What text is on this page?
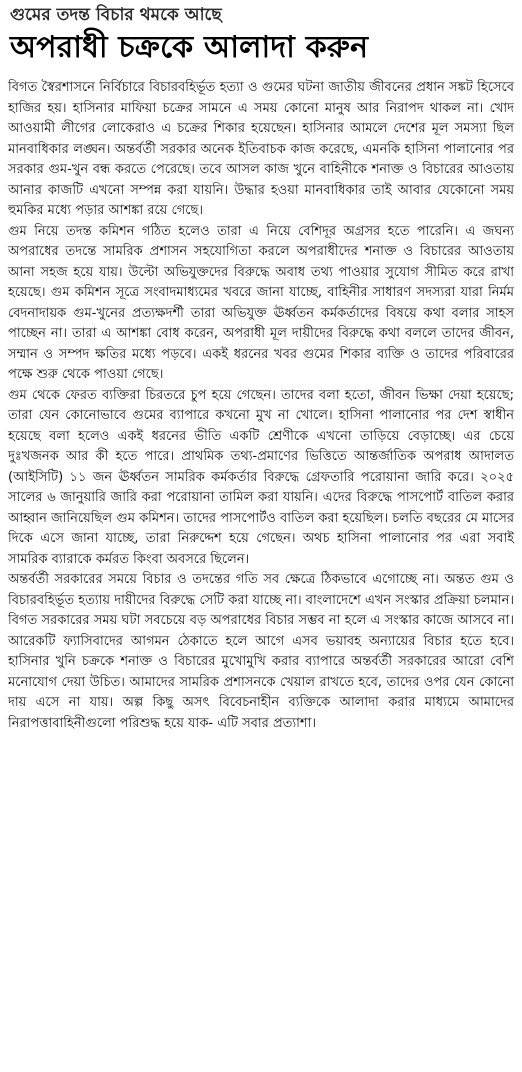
গুমের তদন্ত বিচার থমকে আছে
অপরাধী চক্রকে আলাদা করুন

বিগত স্বৈরশাসনে নির্বিচারে বিচারবহির্ভূত হত্যা ও গুমের ঘটনা জাতীয় জীবনের প্রধান সঙ্কট হিসেবে হাজির হয়। হাসিনার মাফিয়া চক্রের সামনে এ সময় কোনো মানুষ আর নিরাপদ থাকল না। খোদ আওয়ামী লীগের লোকেরাও এ চক্রের শিকার হয়েছেন। হাসিনার আমলে দেশের মূল সমস্যা ছিল মানবাধিকার লঙ্ঘন। অন্তর্বর্তী সরকার অনেক ইতিবাচক কাজ করেছে, এমনকি হাসিনা পালানোর পর সরকার গুম-খুন বন্ধ করতে পেরেছে। তবে আসল কাজ খুনে বাহিনীকে শনাক্ত ও বিচারের আওতায় আনার কাজটি এখনো সম্পন্ন করা যায়নি। উদ্ধার হওয়া মানবাধিকার তাই আবার যেকোনো সময় হুমকির মধ্যে পড়ার আশঙ্কা রয়ে গেছে।

গুম নিয়ে তদন্ত কমিশন গঠিত হলেও তারা এ নিয়ে বেশিদূর অগ্রসর হতে পারেনি। এ জঘন্য অপরাধের তদন্তে সামরিক প্রশাসন সহযোগিতা করলে অপরাধীদের শনাক্ত ও বিচারের আওতায় আনা সহজ হয়ে যায়। উল্টো অভিযুক্তদের বিরুদ্ধে অবাধ তথ্য পাওয়ার সুযোগ সীমিত করে রাখা হয়েছে। গুম কমিশন সূত্রে সংবাদমাধ্যমের খবরে জানা যাচ্ছে, বাহিনীর সাধারণ সদস্যরা যারা নির্মম বেদনাদায়ক গুম-খুনের প্রত্যক্ষদর্শী তারা অভিযুক্ত ঊর্ধ্বতন কর্মকর্তাদের বিষয়ে কথা বলার সাহস পাচ্ছেন না। তারা এ আশঙ্কা বোধ করেন, অপরাধী মূল দায়ীদের বিরুদ্ধে কথা বললে তাদের জীবন, সম্মান ও সম্পদ ক্ষতির মধ্যে পড়বে। একই ধরনের খবর গুমের শিকার ব্যক্তি ও তাদের পরিবারের পক্ষে শুরু থেকে পাওয়া গেছে।

গুম থেকে ফেরত ব্যক্তিরা চিরতরে চুপ হয়ে গেছেন। তাদের বলা হতো, জীবন ভিক্ষা দেয়া হয়েছে; তারা যেন কোনোভাবে গুমের ব্যাপারে কখনো মুখ না খোলে। হাসিনা পালানোর পর দেশ স্বাধীন হয়েছে বলা হলেও একই ধরনের ভীতি একটি শ্রেণীকে এখনো তাড়িয়ে বেড়াচ্ছে। এর চেয়ে দুঃখজনক আর কী হতে পারে। প্রাথমিক তথ্য-প্রমাণের ভিত্তিতে আন্তর্জাতিক অপরাধ আদালত (আইসিটি) ১১ জন ঊর্ধ্বতন সামরিক কর্মকর্তার বিরুদ্ধে গ্রেফতারি পরোয়ানা জারি করে। ২০২৫ সালের ৬ জানুয়ারি জারি করা পরোয়ানা তামিল করা যায়নি। এদের বিরুদ্ধে পাসপোর্ট বাতিল করার আহ্বান জানিয়েছিল গুম কমিশন। তাদের পাসপোর্টও বাতিল করা হয়েছিল। চলতি বছরের মে মাসের দিকে এসে জানা যাচ্ছে, তারা নিরুদ্দেশ হয়ে গেছেন। অথচ হাসিনা পালানোর পর এরা সবাই সামরিক ব্যারাকে কর্মরত কিংবা অবসরে ছিলেন।

অন্তর্বর্তী সরকারের সময়ে বিচার ও তদন্তের গতি সব ক্ষেত্রে ঠিকভাবে এগোচ্ছে না। অন্তত গুম ও বিচারবহির্ভূত হত্যায় দায়ীদের বিরুদ্ধে সেটি করা যাচ্ছে না। বাংলাদেশে এখন সংস্কার প্রক্রিয়া চলমান। বিগত সরকারের সময় ঘটা সবচেয়ে বড় অপরাধের বিচার সম্ভব না হলে এ সংস্কার কাজে আসবে না। আরেকটি ফ্যাসিবাদের আগমন ঠেকাতে হলে আগে এসব ভয়াবহ অন্যায়ের বিচার হতে হবে। হাসিনার খুনি চক্রকে শনাক্ত ও বিচারের মুখোমুখি করার ব্যাপারে অন্তর্বর্তী সরকারের আরো বেশি মনোযোগ দেয়া উচিত। আমাদের সামরিক প্রশাসনকে খেয়াল রাখতে হবে, তাদের ওপর যেন কোনো দায় এসে না যায়। অল্প কিছু অসৎ বিবেচনাহীন ব্যক্তিকে আলাদা করার মাধ্যমে আমাদের নিরাপত্তাবাহিনীগুলো পরিশুদ্ধ হয়ে যাক- এটি সবার প্রত্যাশা।
